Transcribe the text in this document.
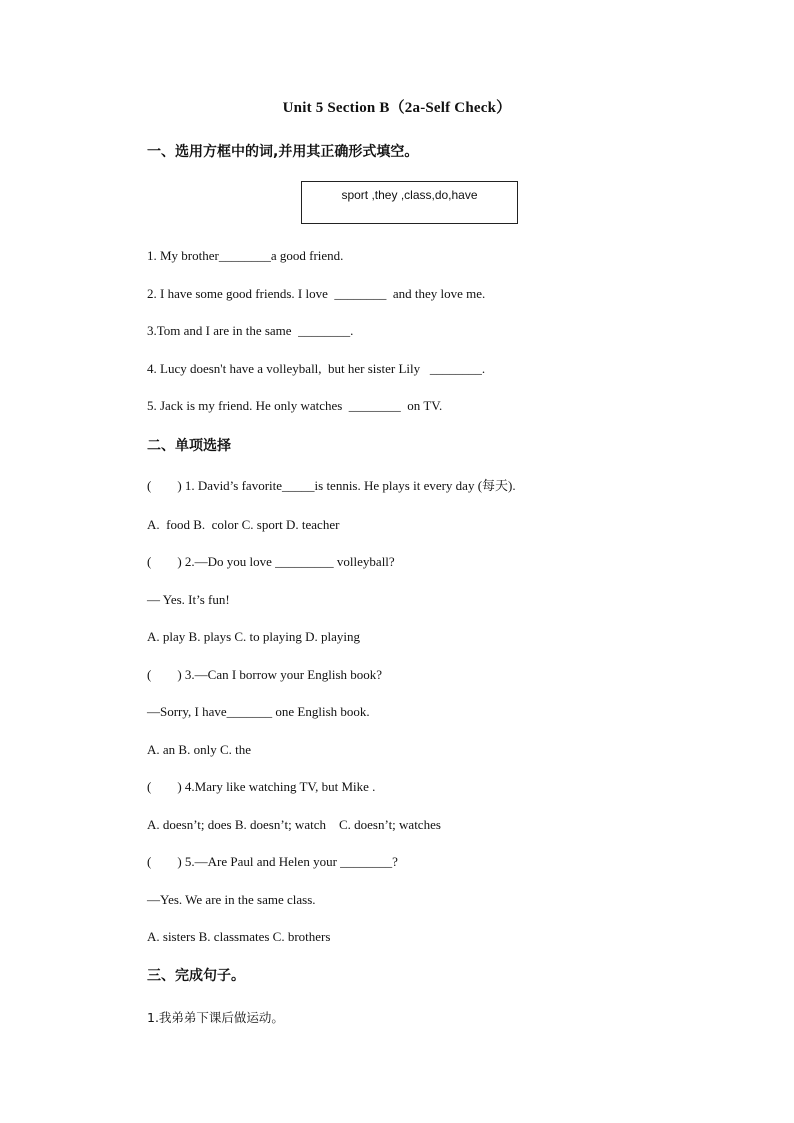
Unit 5 Section B（2a-Self Check）
一、选用方框中的词,并用其正确形式填空。
sport ,they ,class,do,have
1. My brother________a good friend.
2. I have some good friends. I love  ________  and they love me.
3.Tom and I are in the same  ________.
4. Lucy doesn't have a volleyball,  but her sister Lily   ________.
5. Jack is my friend. He only watches  ________  on TV.
二、单项选择
(        ) 1. David’s favorite_____is tennis. He plays it every day (每天).
A.  food B.  color C. sport D. teacher
(        ) 2.—Do you love _________ volleyball?
— Yes. It’s fun!
A. play B. plays C. to playing D. playing
(        ) 3.—Can I borrow your English book?
—Sorry, I have_______ one English book.
A. an B. only C. the
(        ) 4.Mary like watching TV, but Mike .
A. doesn’t; does B. doesn’t; watch    C. doesn’t; watches
(        ) 5.—Are Paul and Helen your ________?
—Yes. We are in the same class.
A. sisters B. classmates C. brothers
三、完成句子。
1.我弟弟下课后做运动。
